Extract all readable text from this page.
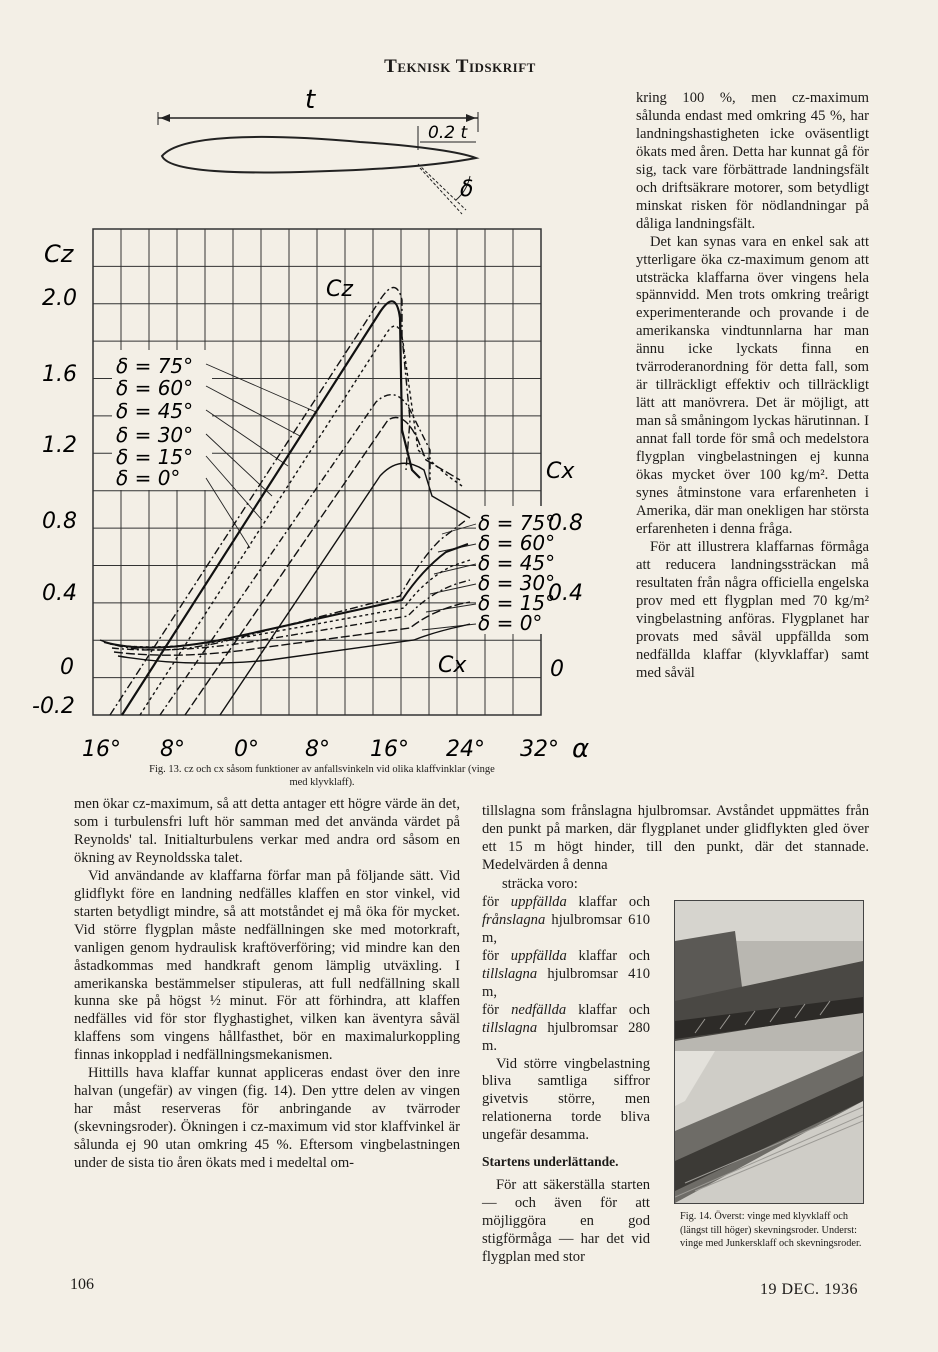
Teknisk Tidskrift
t
0.2 t
δ
Cz
Cx
α
Cz
Cx
2.0
1.6
1.2
0.8
0.4
0
-0.2
0.8
0.4
0
16° 8° 0° 8° 16° 24° 32°
δ = 75°
δ = 60°
δ = 45°
δ = 30°
δ = 15°
δ = 0°
δ = 75°
δ = 60°
δ = 45°
δ = 30°
δ = 15°
δ = 0°
Fig. 13. cz och cx såsom funktioner av anfallsvinkeln vid olika klaffvinklar (vinge
med klyvklaff).

kring 100 %, men cz-maximum sålunda endast med omkring 45 %, har landningshastigheten icke oväsentligt ökats med åren. Detta har kunnat gå för sig, tack vare förbättrade landningsfält och driftsäkrare motorer, som betydligt minskat risken för nödlandningar på dåliga landningsfält.

Det kan synas vara en enkel sak att ytterligare öka cz-maximum genom att utsträcka klaffarna över vingens hela spännvidd. Men trots omkring treårigt experimenterande och provande i de amerikanska vindtunnlarna har man ännu icke lyckats finna en tvärroderanordning för detta fall, som är tillräckligt effektiv och tillräckligt lätt att manövrera. Det är möjligt, att man så småningom lyckas härutinnan. I annat fall torde för små och medelstora flygplan vingbelastningen ej kunna ökas mycket över 100 kg/m². Detta synes åtminstone vara erfarenheten i Amerika, där man onekligen har största erfarenheten i denna fråga.

För att illustrera klaffarnas förmåga att reducera landningssträckan må resultaten från några officiella engelska prov med ett flygplan med 70 kg/m² vingbelastning anföras. Flygplanet har provats med såväl uppfällda som nedfällda klaffar (klyvklaffar) samt med såväl

tillslagna som frånslagna hjulbromsar. Avståndet uppmättes från den punkt på marken, där flygplanet under glidflykten gled över ett 15 m högt hinder, till den punkt, där det stannade. Medelvärden å denna

sträcka voro:

för uppfällda klaffar och frånslagna hjulbromsar 610 m,

för uppfällda klaffar och tillslagna hjulbromsar 410 m,

för nedfällda klaffar och tillslagna hjulbromsar 280 m.

Vid större vingbelastning bliva samtliga siffror givetvis större, men relationerna torde bliva ungefär desamma.

Startens underlättande.

För att säkerställa starten — och även för att möjliggöra en god stigförmåga — har det vid flygplan med stor

Fig. 14. Överst: vinge med klyvklaff och (längst till höger) skevningsroder. Underst: vinge med Junkersklaff och skevningsroder.

men ökar cz-maximum, så att detta antager ett högre värde än det, som i turbulensfri luft hör samman med det använda värdet på Reynolds' tal. Initialturbulens verkar med andra ord såsom en ökning av Reynoldsska talet.

Vid användande av klaffarna förfar man på följande sätt. Vid glidflykt före en landning nedfälles klaffen en stor vinkel, vid starten betydligt mindre, så att motståndet ej må öka för mycket. Vid större flygplan måste nedfällningen ske med motorkraft, vanligen genom hydraulisk kraftöverföring; vid mindre kan den åstadkommas med handkraft genom lämplig utväxling. I amerikanska bestämmelser stipuleras, att full nedfällning skall kunna ske på högst ½ minut. För att förhindra, att klaffen nedfälles vid för stor flyghastighet, vilken kan äventyra såväl klaffens som vingens hållfasthet, bör en maximalurkoppling finnas inkopplad i nedfällningsmekanismen.

Hittills hava klaffar kunnat appliceras endast över den inre halvan (ungefär) av vingen (fig. 14). Den yttre delen av vingen har måst reserveras för anbringande av tvärroder (skevningsroder). Ökningen i cz-maximum vid stor klaffvinkel är sålunda ej 90 utan omkring 45 %. Eftersom vingbelastningen under de sista tio åren ökats med i medeltal om-

106	19 DEC. 1936
